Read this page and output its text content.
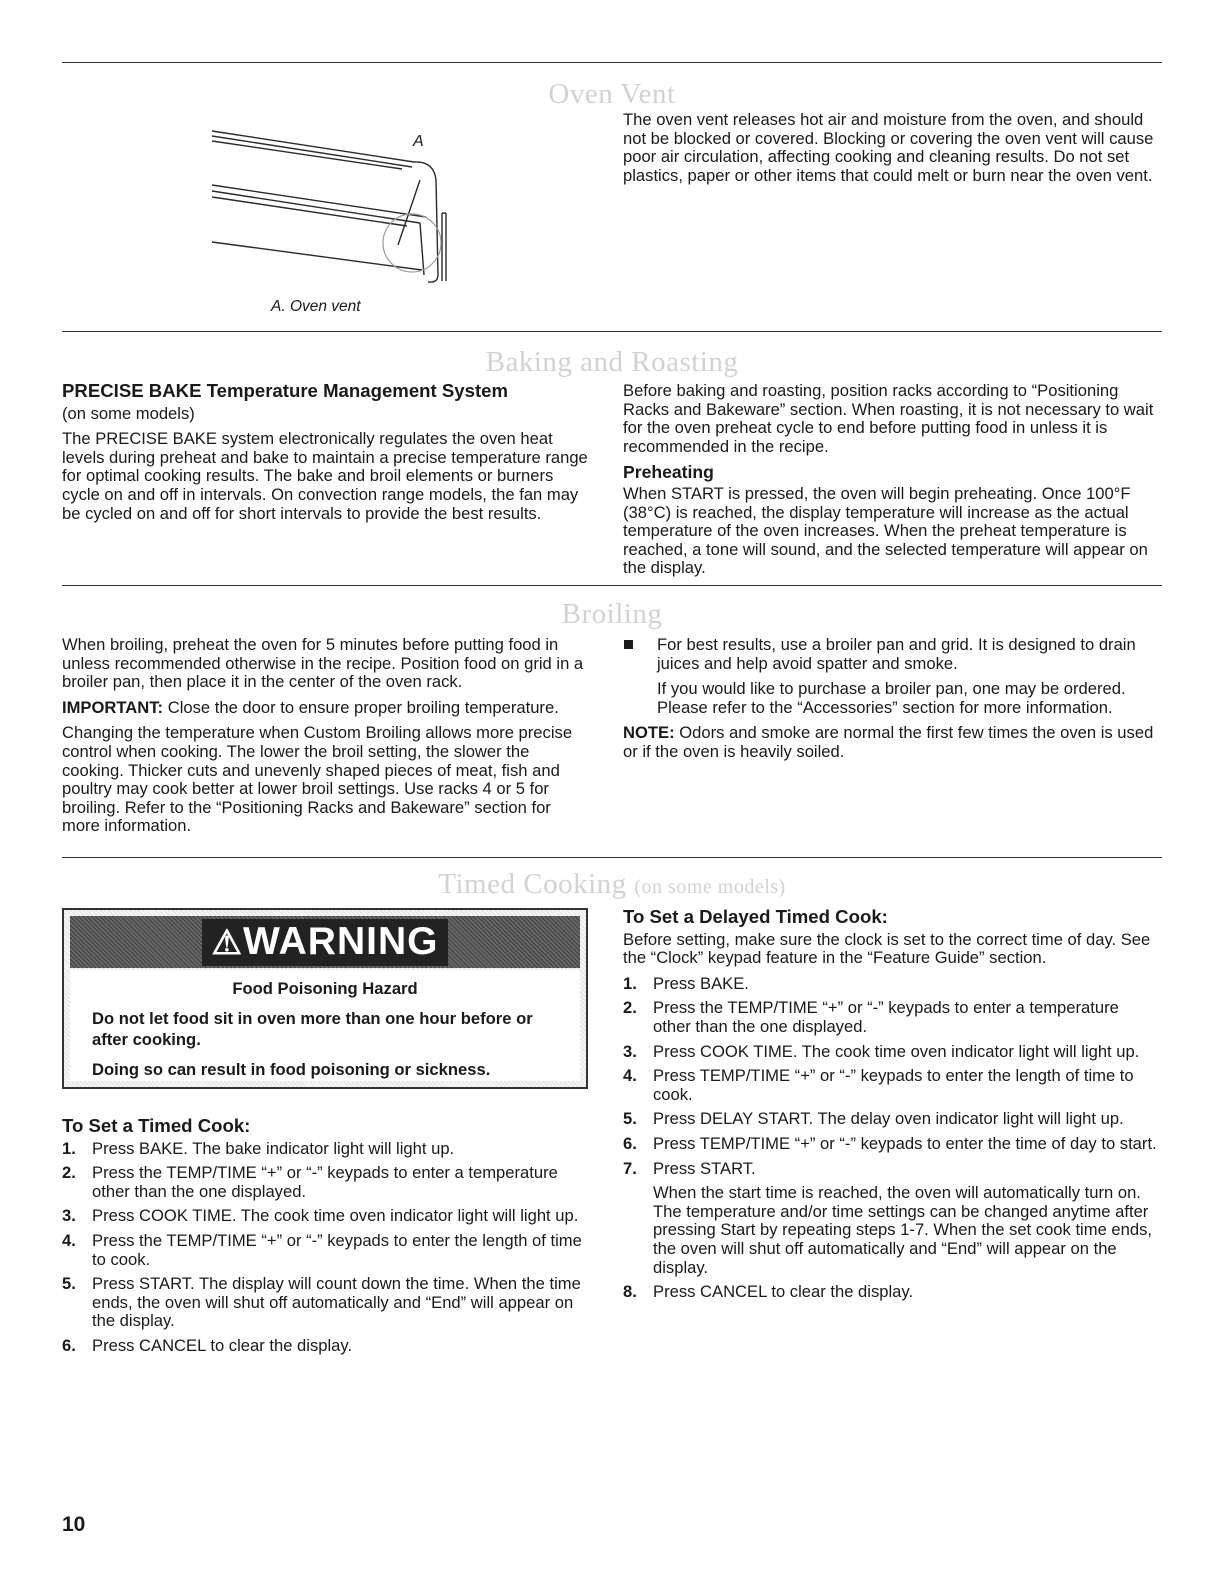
Oven Vent
A
A. Oven vent

The oven vent releases hot air and moisture from the oven, and should not be blocked or covered. Blocking or covering the oven vent will cause poor air circulation, affecting cooking and cleaning results. Do not set plastics, paper or other items that could melt or burn near the oven vent.

Baking and Roasting
PRECISE BAKE Temperature Management System

(on some models)

The PRECISE BAKE system electronically regulates the oven heat levels during preheat and bake to maintain a precise temperature range for optimal cooking results. The bake and broil elements or burners cycle on and off in intervals. On convection range models, the fan may be cycled on and off for short intervals to provide the best results.

Before baking and roasting, position racks according to “Positioning Racks and Bakeware” section. When roasting, it is not necessary to wait for the oven preheat cycle to end before putting food in unless it is recommended in the recipe.

Preheating

When START is pressed, the oven will begin preheating. Once 100°F (38°C) is reached, the display temperature will increase as the actual temperature of the oven increases. When the preheat temperature is reached, a tone will sound, and the selected temperature will appear on the display.

Broiling

When broiling, preheat the oven for 5 minutes before putting food in unless recommended otherwise in the recipe. Position food on grid in a broiler pan, then place it in the center of the oven rack.

IMPORTANT: Close the door to ensure proper broiling temperature.

Changing the temperature when Custom Broiling allows more precise control when cooking. The lower the broil setting, the slower the cooking. Thicker cuts and unevenly shaped pieces of meat, fish and poultry may cook better at lower broil settings. Use racks 4 or 5 for broiling. Refer to the “Positioning Racks and Bakeware” section for more information.

For best results, use a broiler pan and grid. It is designed to drain juices and help avoid spatter and smoke.

If you would like to purchase a broiler pan, one may be ordered. Please refer to the “Accessories” section for more information.

NOTE: Odors and smoke are normal the first few times the oven is used or if the oven is heavily soiled.

Timed Cooking (on some models)
⚠WARNING
Food Poisoning Hazard
Do not let food sit in oven more than one hour before or after cooking.
Doing so can result in food poisoning or sickness.
To Set a Timed Cook:
1. Press BAKE. The bake indicator light will light up.
2. Press the TEMP/TIME “+” or “-” keypads to enter a temperature other than the one displayed.
3. Press COOK TIME. The cook time oven indicator light will light up.
4. Press the TEMP/TIME “+” or “-” keypads to enter the length of time to cook.
5. Press START. The display will count down the time. When the time ends, the oven will shut off automatically and “End” will appear on the display.
6. Press CANCEL to clear the display.
To Set a Delayed Timed Cook:

Before setting, make sure the clock is set to the correct time of day. See the “Clock” keypad feature in the “Feature Guide” section.

1. Press BAKE.
2. Press the TEMP/TIME “+” or “-” keypads to enter a temperature other than the one displayed.
3. Press COOK TIME. The cook time oven indicator light will light up.
4. Press TEMP/TIME “+” or “-” keypads to enter the length of time to cook.
5. Press DELAY START. The delay oven indicator light will light up.
6. Press TEMP/TIME “+” or “-” keypads to enter the time of day to start.
7. Press START.
When the start time is reached, the oven will automatically turn on. The temperature and/or time settings can be changed anytime after pressing Start by repeating steps 1-7. When the set cook time ends, the oven will shut off automatically and “End” will appear on the display.
8. Press CANCEL to clear the display.
10
